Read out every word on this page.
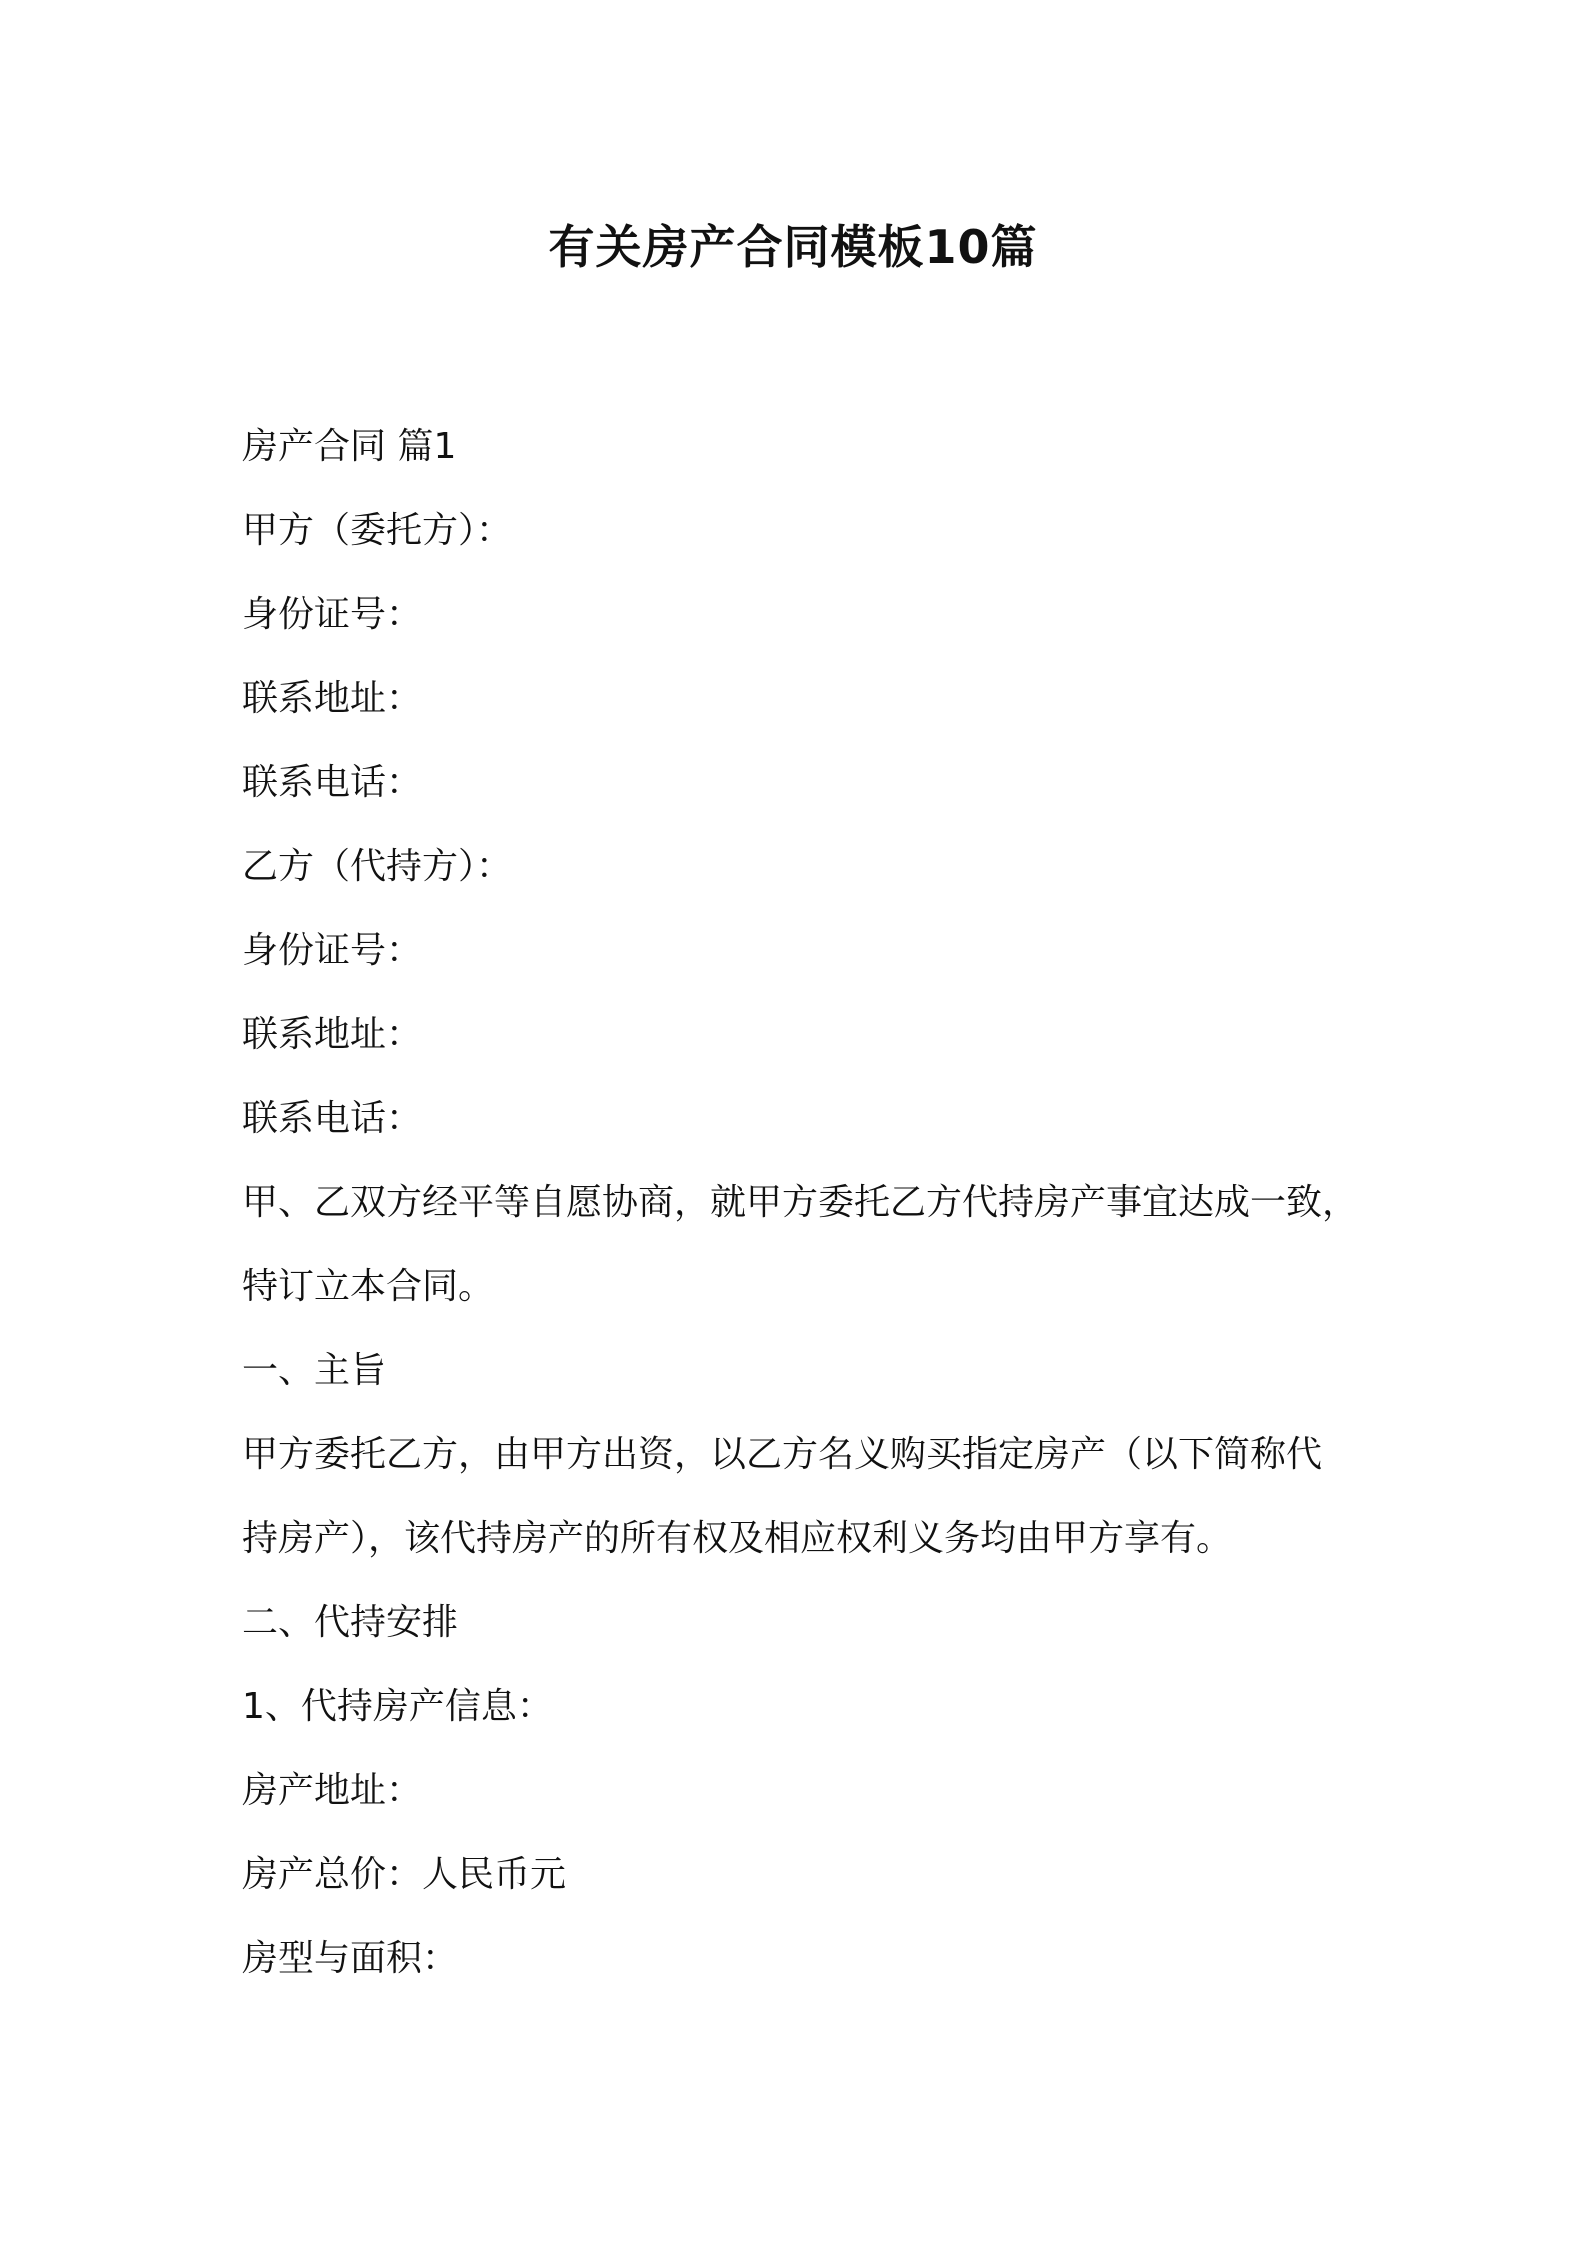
有关房产合同模板10篇

房产合同 篇1

甲方（委托方）：

身份证号：

联系地址：

联系电话：

乙方（代持方）：

身份证号：

联系地址：

联系电话：

甲、乙双方经平等自愿协商，就甲方委托乙方代持房产事宜达成一致，

特订立本合同。

一、主旨

甲方委托乙方，由甲方出资，以乙方名义购买指定房产（以下简称代

持房产），该代持房产的所有权及相应权利义务均由甲方享有。

二、代持安排

1、代持房产信息：

房产地址：

房产总价：人民币元

房型与面积：
